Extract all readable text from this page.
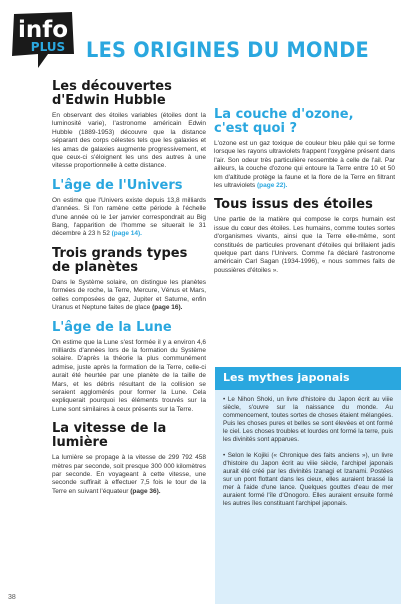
info
PLUS LES ORIGINES DU MONDE
Les découvertes
d'Edwin Hubble

En observant des étoiles variables (étoiles dont la luminosité varie), l'astronome américain Edwin Hubble (1889-1953) découvre que la distance séparant des corps célestes tels que les galaxies et les amas de galaxies augmente progressivement, et que ceux-ci s'éloignent les uns des autres à une vitesse proportionnelle à cette distance.

L'âge de l'Univers

On estime que l'Univers existe depuis 13,8 milliards d'années. Si l'on ramène cette période à l'échelle d'une année où le 1er janvier correspondrait au Big Bang, l'apparition de l'homme se situerait le 31 décembre à 23 h 52 (page 14).

Trois grands types
de planètes

Dans le Système solaire, on distingue les planètes formées de roche, la Terre, Mercure, Vénus et Mars, celles composées de gaz, Jupiter et Saturne, enfin Uranus et Neptune faites de glace (page 16).

L'âge de la Lune

On estime que la Lune s'est formée il y a environ 4,6 milliards d'années lors de la formation du Système solaire. D'après la théorie la plus communément admise, juste après la formation de la Terre, celle-ci aurait été heurtée par une planète de la taille de Mars, et les débris résultant de la collision se seraient agglomérés pour former la Lune. Cela expliquerait pourquoi les éléments trouvés sur la Lune sont similaires à ceux présents sur la Terre.

La vitesse de la lumière

La lumière se propage à la vitesse de 299 792 458 mètres par seconde, soit presque 300 000 kilomètres par seconde. En voyageant à cette vitesse, une seconde suffirait à effectuer 7,5 fois le tour de la Terre en suivant l'équateur (page 36).

La couche d'ozone,
c'est quoi ?

L'ozone est un gaz toxique de couleur bleu pâle qui se forme lorsque les rayons ultraviolets frappent l'oxygène présent dans l'air. Son odeur très particulière ressemble à celle de l'ail. Par ailleurs, la couche d'ozone qui entoure la Terre entre 10 et 50 km d'altitude protège la faune et la flore de la Terre en filtrant les ultraviolets (page 22).

Tous issus des étoiles

Une partie de la matière qui compose le corps humain est issue du cœur des étoiles. Les humains, comme toutes sortes d'organismes vivants, ainsi que la Terre elle-même, sont constitués de particules provenant d'étoiles qui brillaient jadis quelque part dans l'Univers. Comme l'a déclaré l'astronome américain Carl Sagan (1934-1996), « nous sommes faits de poussières d'étoiles ».

Les mythes japonais

• Le Nihon Shoki, un livre d'histoire du Japon écrit au viiie siècle, s'ouvre sur la naissance du monde. Au commencement, toutes sortes de choses étaient mélangées. Puis les choses pures et belles se sont élevées et ont formé le ciel. Les choses troubles et lourdes ont formé la terre, puis les divinités sont apparues.

• Selon le Kojiki (« Chronique des faits anciens »), un livre d'histoire du Japon écrit au viiie siècle, l'archipel japonais aurait été créé par les divinités Izanagi et Izanami. Postées sur un pont flottant dans les cieux, elles auraient brassé la mer à l'aide d'une lance. Quelques gouttes d'eau de mer auraient formé l'île d'Onogoro. Elles auraient ensuite formé les autres îles constituant l'archipel japonais.

38
